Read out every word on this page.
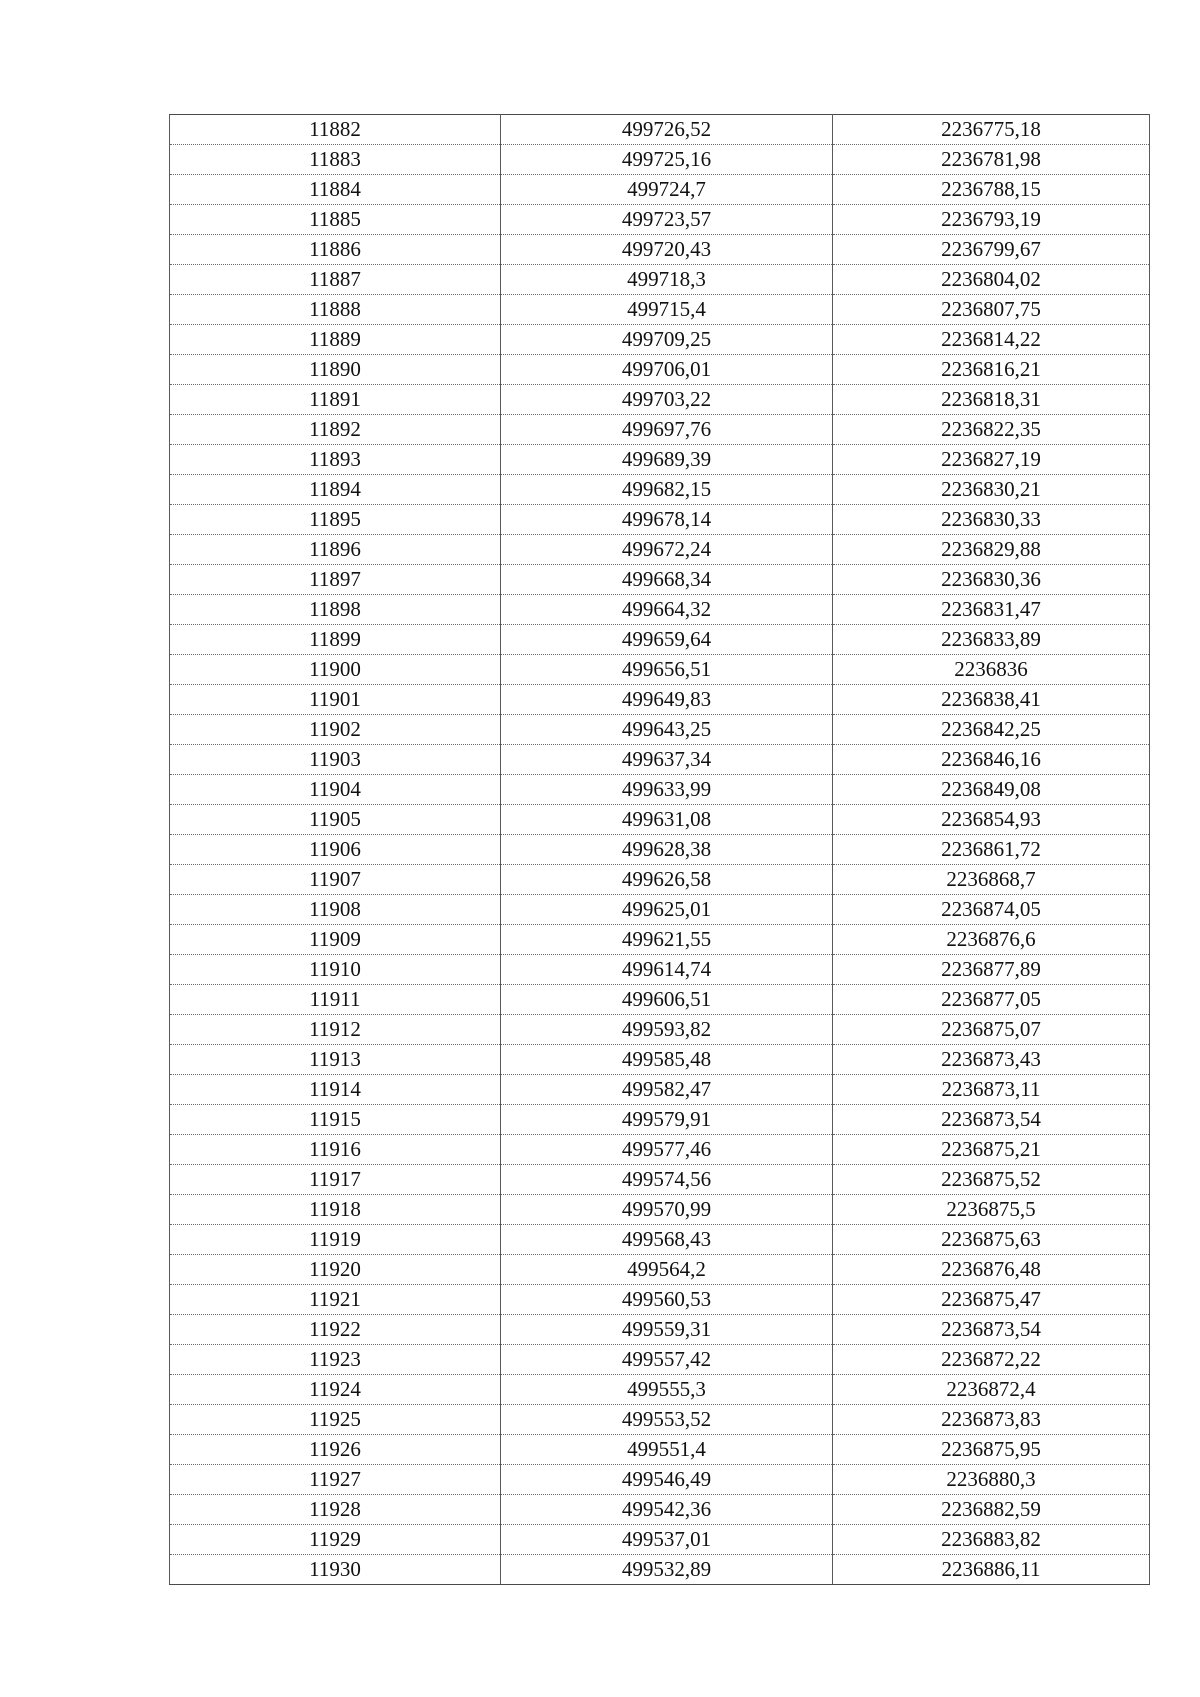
11882	499726,52	2236775,18
11883	499725,16	2236781,98
11884	499724,7	2236788,15
11885	499723,57	2236793,19
11886	499720,43	2236799,67
11887	499718,3	2236804,02
11888	499715,4	2236807,75
11889	499709,25	2236814,22
11890	499706,01	2236816,21
11891	499703,22	2236818,31
11892	499697,76	2236822,35
11893	499689,39	2236827,19
11894	499682,15	2236830,21
11895	499678,14	2236830,33
11896	499672,24	2236829,88
11897	499668,34	2236830,36
11898	499664,32	2236831,47
11899	499659,64	2236833,89
11900	499656,51	2236836
11901	499649,83	2236838,41
11902	499643,25	2236842,25
11903	499637,34	2236846,16
11904	499633,99	2236849,08
11905	499631,08	2236854,93
11906	499628,38	2236861,72
11907	499626,58	2236868,7
11908	499625,01	2236874,05
11909	499621,55	2236876,6
11910	499614,74	2236877,89
11911	499606,51	2236877,05
11912	499593,82	2236875,07
11913	499585,48	2236873,43
11914	499582,47	2236873,11
11915	499579,91	2236873,54
11916	499577,46	2236875,21
11917	499574,56	2236875,52
11918	499570,99	2236875,5
11919	499568,43	2236875,63
11920	499564,2	2236876,48
11921	499560,53	2236875,47
11922	499559,31	2236873,54
11923	499557,42	2236872,22
11924	499555,3	2236872,4
11925	499553,52	2236873,83
11926	499551,4	2236875,95
11927	499546,49	2236880,3
11928	499542,36	2236882,59
11929	499537,01	2236883,82
11930	499532,89	2236886,11
